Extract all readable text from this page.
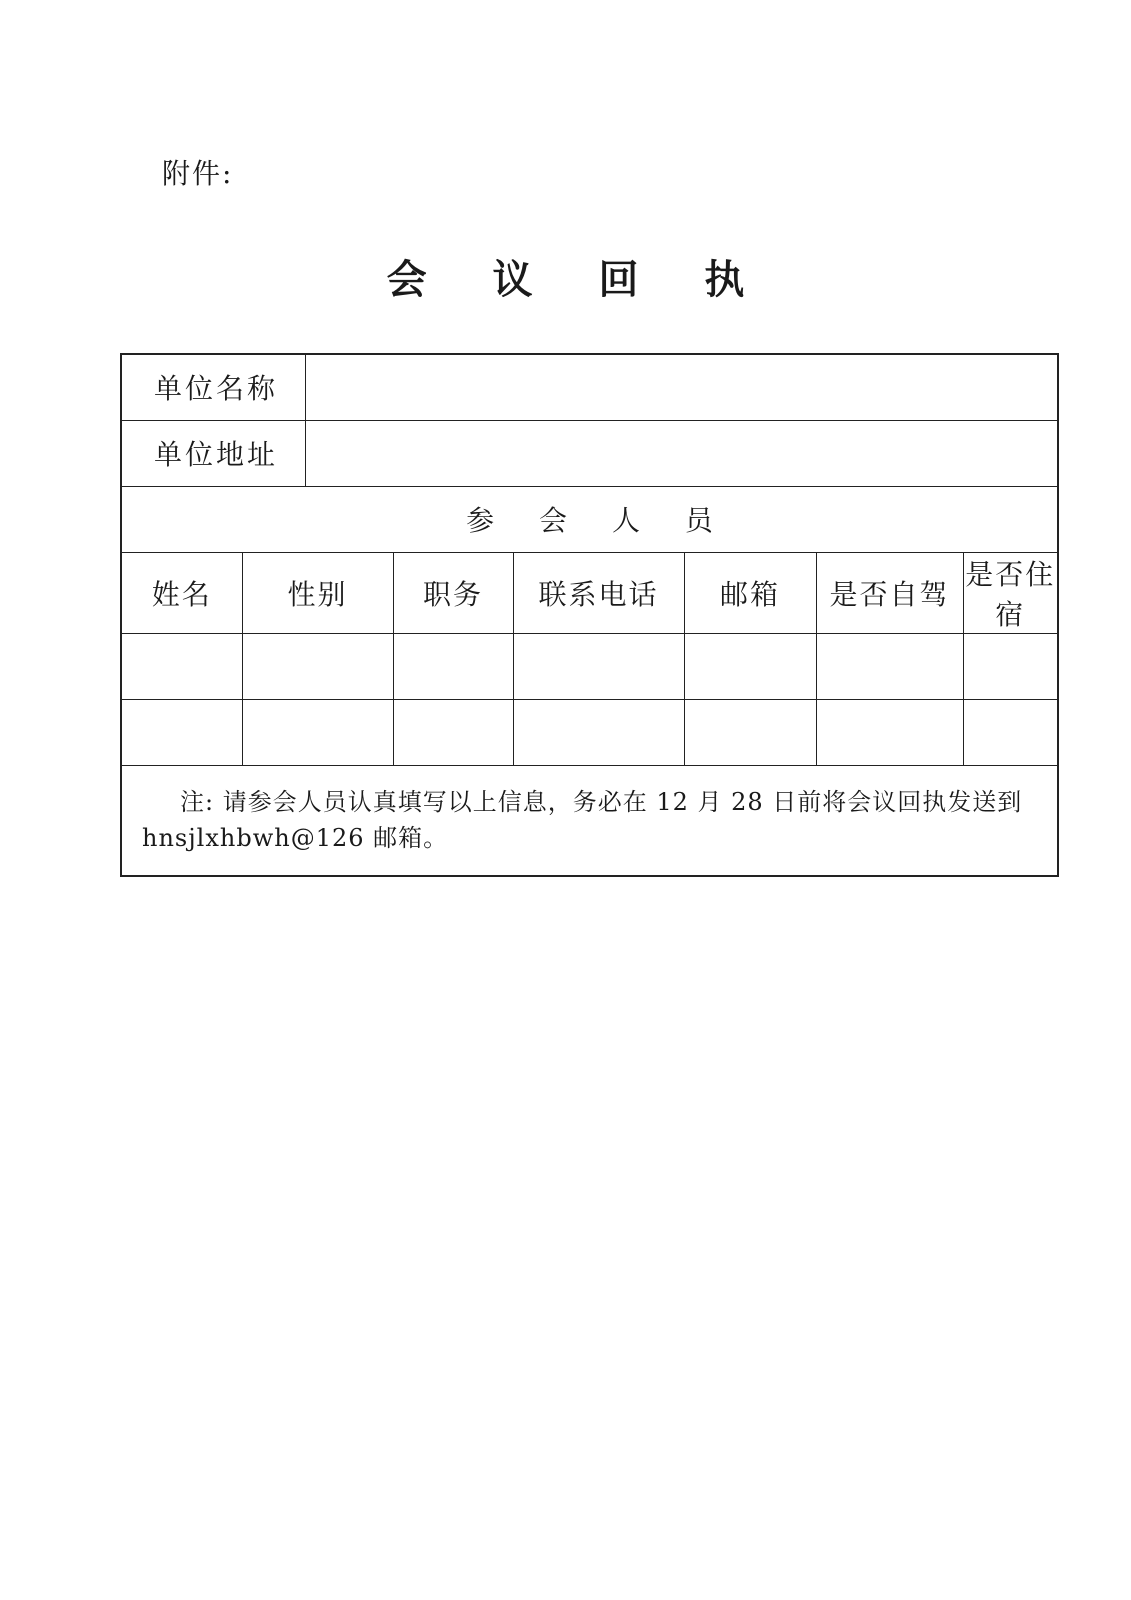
附件:
会 议 回 执
单位名称							
单位地址							
参 会 人 员							
姓名	性别		职务	联系电话	邮箱	是否自驾	是否住宿

注: 请参会人员认真填写以上信息，务必在 12 月 28 日前将会议回执发送到 hnsjlxhbwh@126 邮箱。							
